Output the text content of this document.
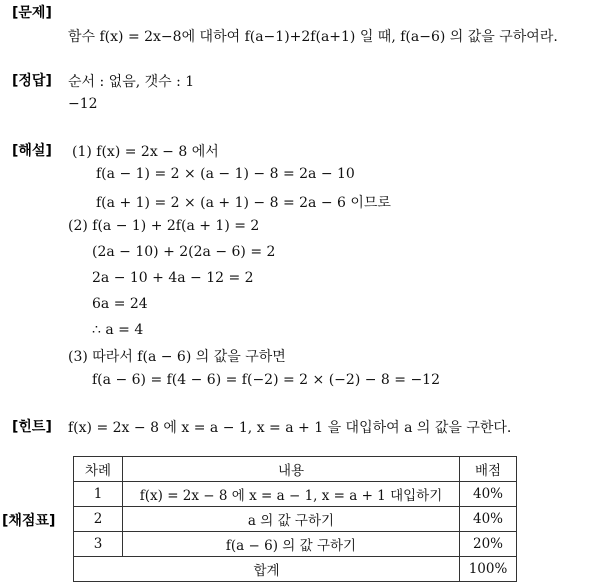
[문제]
함수 f(x) = 2x−8에 대하여 f(a−1)+2f(a+1) 일 때, f(a−6) 의 값을 구하여라.
[정답] 순서 : 없음, 갯수 : 1
−12
[해설] (1) f(x) = 2x − 8 에서
f(a − 1) = 2 × (a − 1) − 8 = 2a − 10
f(a + 1) = 2 × (a + 1) − 8 = 2a − 6 이므로
(2) f(a − 1) + 2f(a + 1) = 2
(2a − 10) + 2(2a − 6) = 2
2a − 10 + 4a − 12 = 2
6a = 24
∴ a = 4
(3) 따라서 f(a − 6) 의 값을 구하면
f(a − 6) = f(4 − 6) = f(−2) = 2 × (−2) − 8 = −12
[힌트] f(x) = 2x − 8 에 x = a − 1, x = a + 1 을 대입하여 a 의 값을 구한다.
[채점표]
차례	내용	배점
1	f(x) = 2x − 8 에 x = a − 1, x = a + 1 대입하기	40%
2	a 의 값 구하기	40%
3	f(a − 6) 의 값 구하기	20%
합계		100%
